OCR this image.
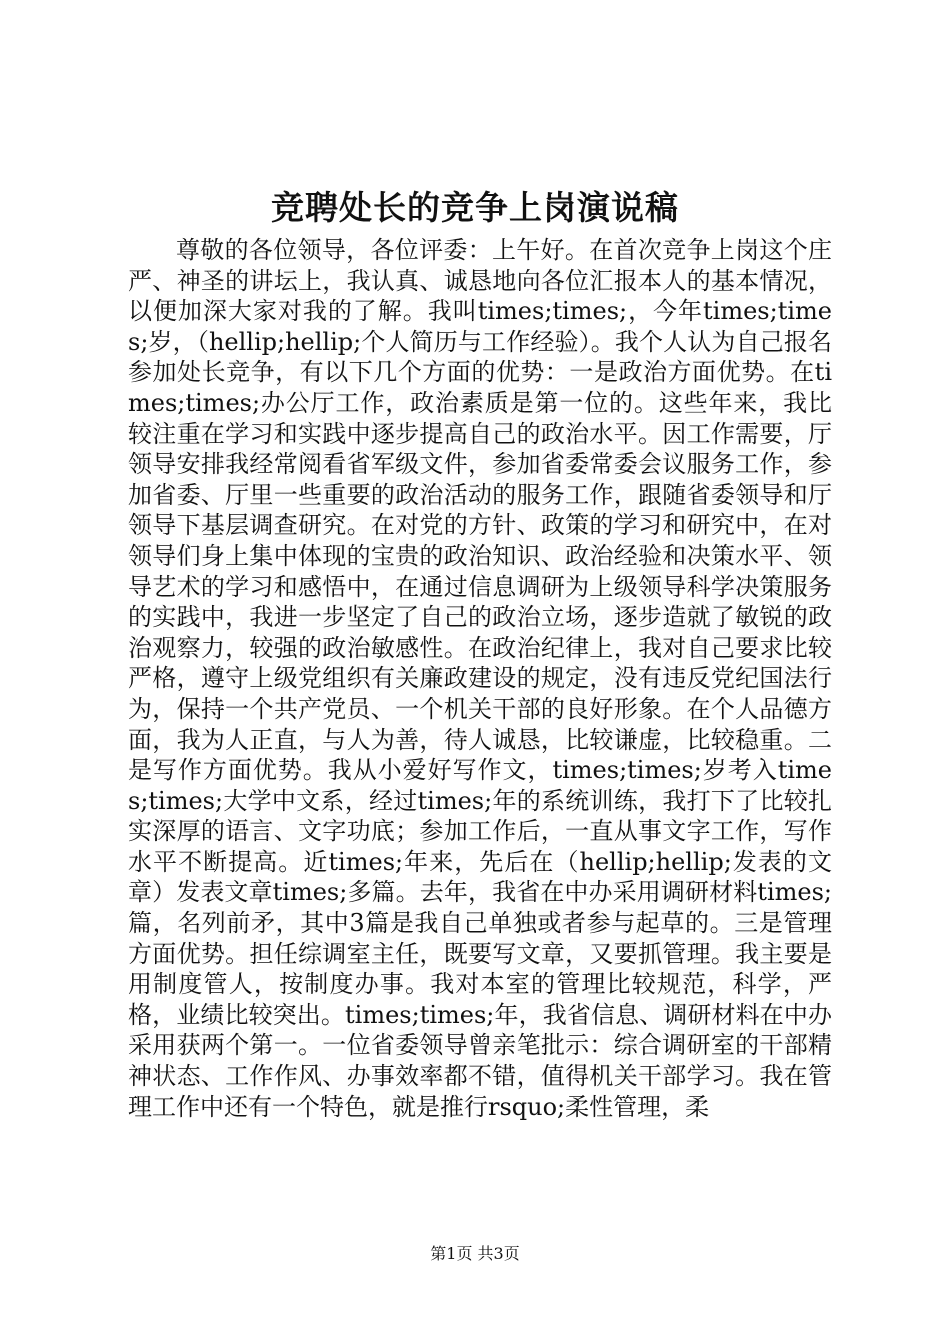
竞聘处长的竞争上岗演说稿

尊敬的各位领导，各位评委：上午好。在首次竞争上岗这个庄严、神圣的讲坛上，我认真、诚恳地向各位汇报本人的基本情况，以便加深大家对我的了解。我叫times;times;，今年times;times;岁，（hellip;hellip;个人简历与工作经验）。我个人认为自己报名参加处长竞争，有以下几个方面的优势：一是政治方面优势。在times;times;办公厅工作，政治素质是第一位的。这些年来，我比较注重在学习和实践中逐步提高自己的政治水平。因工作需要，厅领导安排我经常阅看省军级文件，参加省委常委会议服务工作，参加省委、厅里一些重要的政治活动的服务工作，跟随省委领导和厅领导下基层调查研究。在对党的方针、政策的学习和研究中，在对领导们身上集中体现的宝贵的政治知识、政治经验和决策水平、领导艺术的学习和感悟中，在通过信息调研为上级领导科学决策服务的实践中，我进一步坚定了自己的政治立场，逐步造就了敏锐的政治观察力，较强的政治敏感性。在政治纪律上，我对自己要求比较严格，遵守上级党组织有关廉政建设的规定，没有违反党纪国法行为，保持一个共产党员、一个机关干部的良好形象。在个人品德方面，我为人正直，与人为善，待人诚恳，比较谦虚，比较稳重。二是写作方面优势。我从小爱好写作文，times;times;岁考入times;times;大学中文系，经过times;年的系统训练，我打下了比较扎实深厚的语言、文字功底；参加工作后，一直从事文字工作，写作水平不断提高。近times;年来，先后在（hellip;hellip;发表的文章）发表文章times;多篇。去年，我省在中办采用调研材料times;篇，名列前矛，其中3篇是我自己单独或者参与起草的。三是管理方面优势。担任综调室主任，既要写文章，又要抓管理。我主要是用制度管人，按制度办事。我对本室的管理比较规范，科学，严格，业绩比较突出。times;times;年，我省信息、调研材料在中办采用获两个第一。一位省委领导曾亲笔批示：综合调研室的干部精神状态、工作作风、办事效率都不错，值得机关干部学习。我在管理工作中还有一个特色，就是推行rsquo;柔性管理，柔

第1页 共3页
